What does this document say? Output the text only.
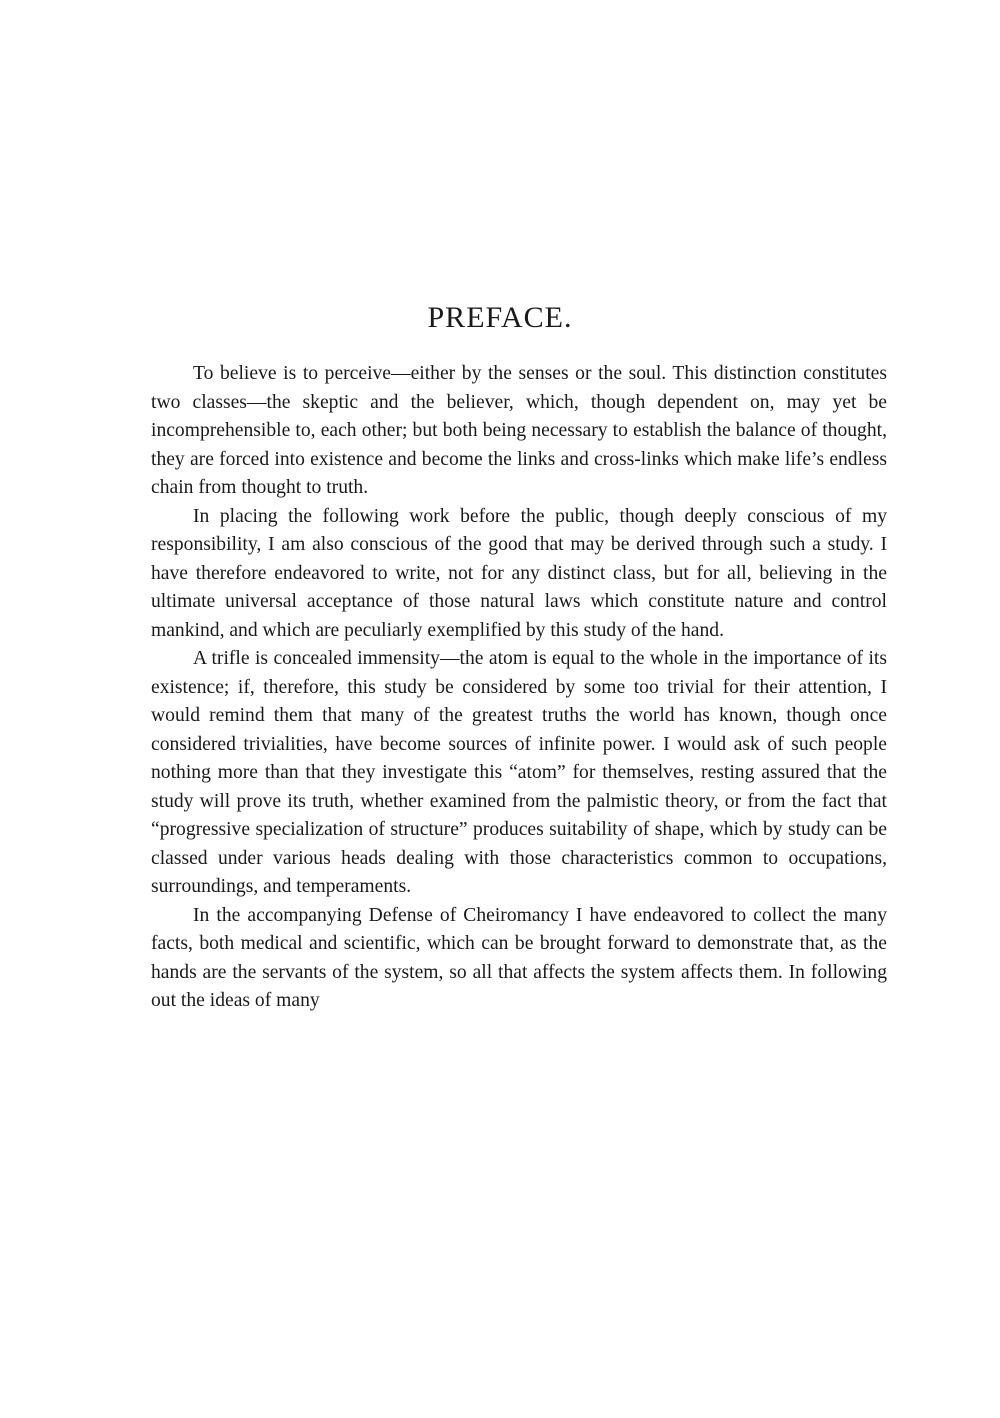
PREFACE.

To believe is to perceive—either by the senses or the soul. This distinction constitutes two classes—the skeptic and the believer, which, though dependent on, may yet be incomprehensible to, each other; but both being necessary to establish the balance of thought, they are forced into existence and become the links and cross-links which make life’s endless chain from thought to truth.

In placing the following work before the public, though deeply conscious of my responsibility, I am also conscious of the good that may be derived through such a study. I have therefore endeavored to write, not for any distinct class, but for all, believing in the ultimate universal acceptance of those natural laws which constitute nature and control mankind, and which are peculiarly exemplified by this study of the hand.

A trifle is concealed immensity—the atom is equal to the whole in the importance of its existence; if, therefore, this study be considered by some too trivial for their attention, I would remind them that many of the greatest truths the world has known, though once considered trivialities, have become sources of infinite power. I would ask of such people nothing more than that they investigate this “atom” for themselves, resting assured that the study will prove its truth, whether examined from the palmistic theory, or from the fact that “progressive specialization of structure” produces suitability of shape, which by study can be classed under various heads dealing with those characteristics common to occupations, surroundings, and temperaments.

In the accompanying Defense of Cheiromancy I have endeavored to collect the many facts, both medical and scientific, which can be brought forward to demonstrate that, as the hands are the servants of the system, so all that affects the system affects them. In following out the ideas of many
